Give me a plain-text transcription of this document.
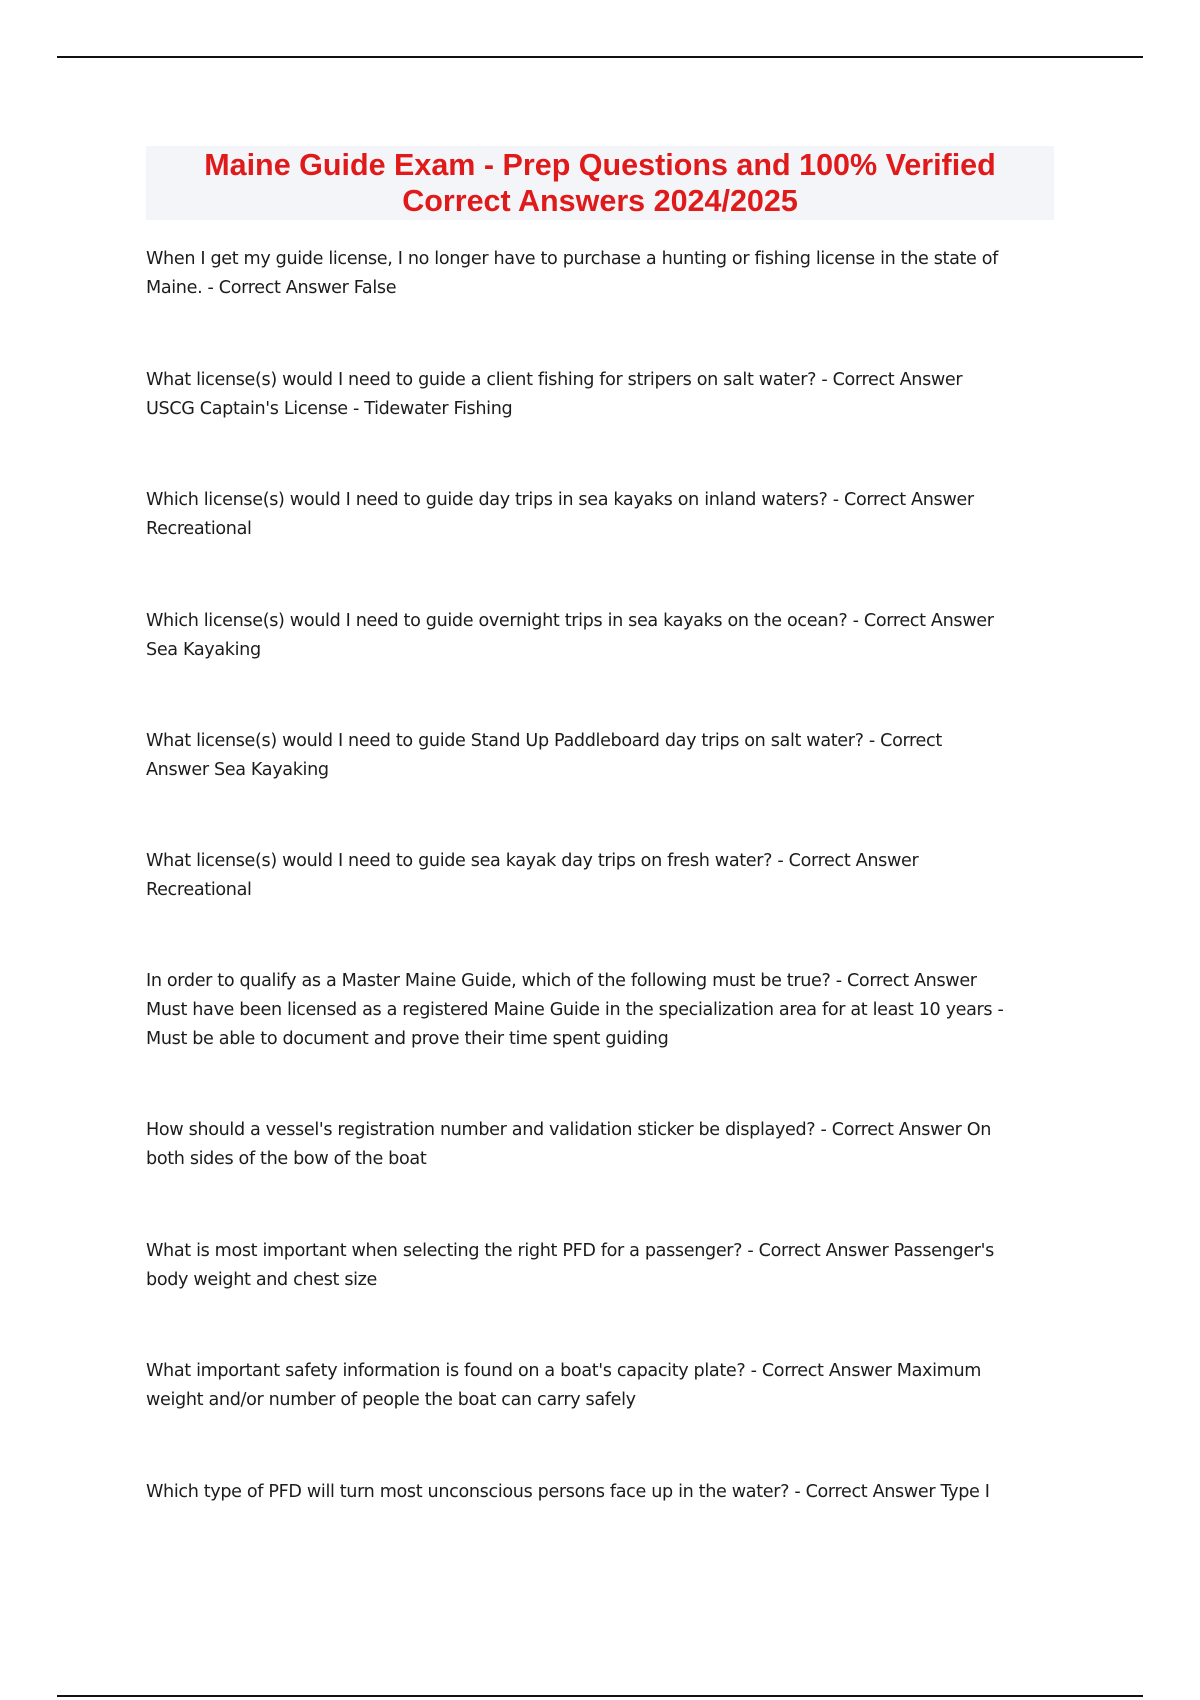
Maine Guide Exam - Prep Questions and 100% Verified
Correct Answers 2024/2025

When I get my guide license, I no longer have to purchase a hunting or fishing license in the state of
Maine. - Correct Answer False

What license(s) would I need to guide a client fishing for stripers on salt water? - Correct Answer
USCG Captain's License - Tidewater Fishing

Which license(s) would I need to guide day trips in sea kayaks on inland waters? - Correct Answer
Recreational

Which license(s) would I need to guide overnight trips in sea kayaks on the ocean? - Correct Answer
Sea Kayaking

What license(s) would I need to guide Stand Up Paddleboard day trips on salt water? - Correct
Answer Sea Kayaking

What license(s) would I need to guide sea kayak day trips on fresh water? - Correct Answer
Recreational

In order to qualify as a Master Maine Guide, which of the following must be true? - Correct Answer
Must have been licensed as a registered Maine Guide in the specialization area for at least 10 years -
Must be able to document and prove their time spent guiding

How should a vessel's registration number and validation sticker be displayed? - Correct Answer On
both sides of the bow of the boat

What is most important when selecting the right PFD for a passenger? - Correct Answer Passenger's
body weight and chest size

What important safety information is found on a boat's capacity plate? - Correct Answer Maximum
weight and/or number of people the boat can carry safely

Which type of PFD will turn most unconscious persons face up in the water? - Correct Answer Type I
